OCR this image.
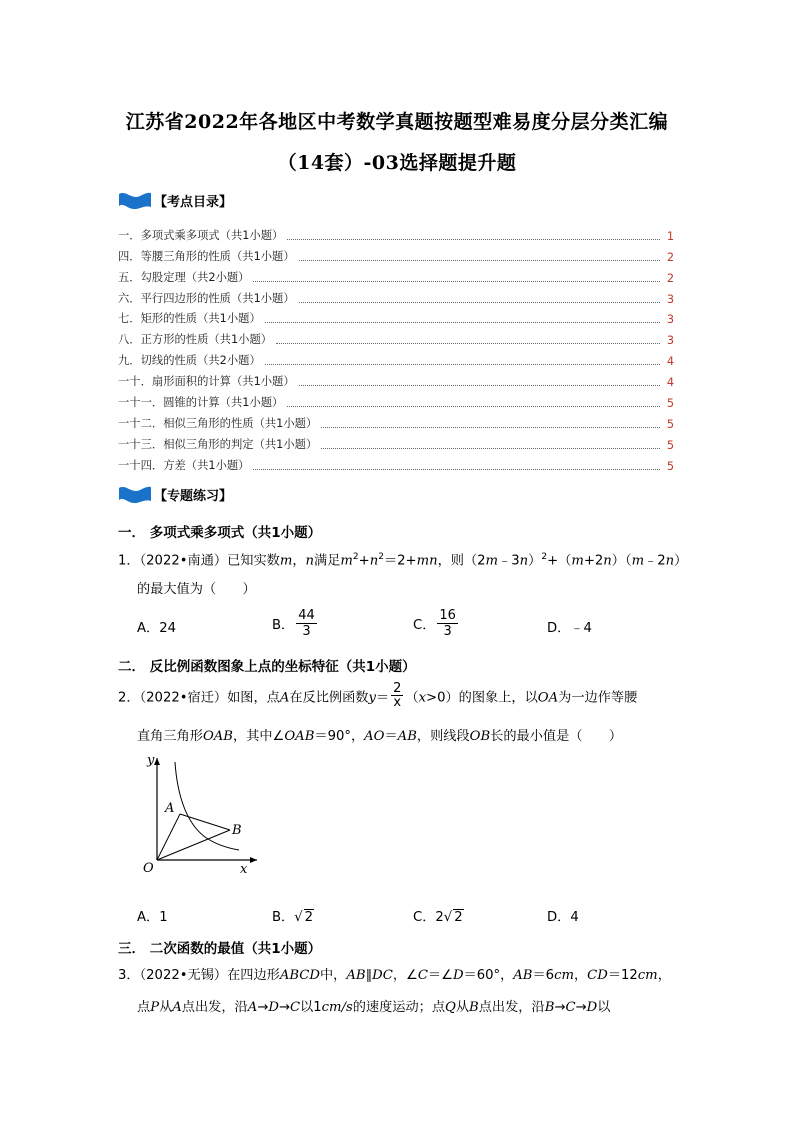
江苏省2022年各地区中考数学真题按题型难易度分层分类汇编
（14套）-03选择题提升题
【考点目录】
一．多项式乘多项式（共1小题）	1
四．等腰三角形的性质（共1小题）	2
五．勾股定理（共2小题）	2
六．平行四边形的性质（共1小题）	3
七．矩形的性质（共1小题）	3
八．正方形的性质（共1小题）	3
九．切线的性质（共2小题）	4
一十．扇形面积的计算（共1小题）	4
一十一．圆锥的计算（共1小题）	5
一十二．相似三角形的性质（共1小题）	5
一十三．相似三角形的判定（共1小题）	5
一十四．方差（共1小题）	5
【专题练习】
一． 多项式乘多项式（共1小题）
1．（2022•南通）已知实数m，n满足$m^2+n^2=2+mn$，则（2m﹣3n）$^2$+（m+2n）（m﹣2n）
的最大值为（　　）
A．24	B． $\frac{44}{3}$	C． $\frac{16}{3}$	D．﹣4
二． 反比例函数图象上点的坐标特征（共1小题）
2．（2022•宿迁）如图，点A在反比例函数$y= \frac{2}{x} (x>0)$的图象上，以OA为一边作等腰
直角三角形OAB，其中∠OAB＝90°，AO＝AB，则线段OB长的最小值是（　　）
y
x
O
A
B
A．1	B．√ 2	C．2√ 2	D．4
三． 二次函数的最值（共1小题）
3．（2022•无锡）在四边形ABCD中，AB∥DC，∠C＝∠D＝60°，AB＝6cm，CD＝12cm，
点P从A点出发，沿A→D→C以1cm/s的速度运动；点Q从B点出发，沿B→C→D以
